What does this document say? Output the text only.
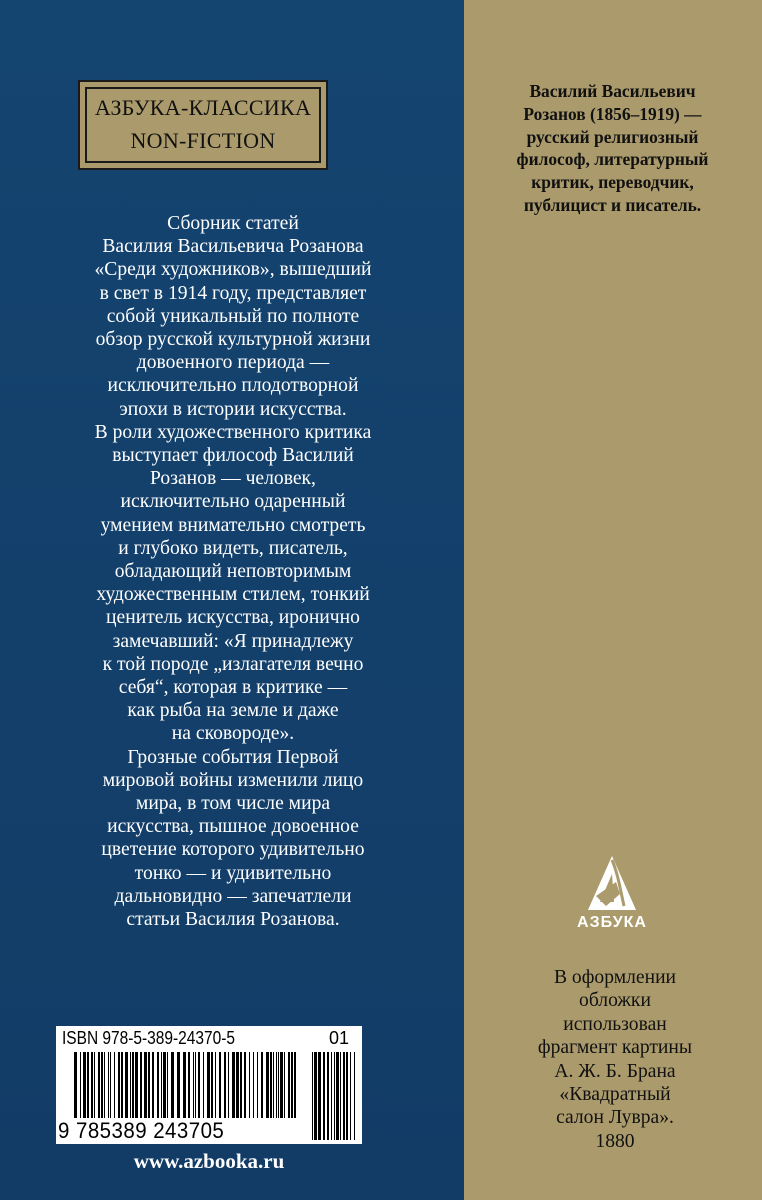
АЗБУКА-КЛАССИКА
NON-FICTION

Сборник статей
Василия Васильевича Розанова
«Среди художников», вышедший
в свет в 1914 году, представляет
собой уникальный по полноте
обзор русской культурной жизни
довоенного периода —
исключительно плодотворной
эпохи в истории искусства.
В роли художественного критика
выступает философ Василий
Розанов — человек,
исключительно одаренный
умением внимательно смотреть
и глубоко видеть, писатель,
обладающий неповторимым
художественным стилем, тонкий
ценитель искусства, иронично
замечавший: «Я принадлежу
к той породе „излагателя вечно
себя“, которая в критике —
как рыба на земле и даже
на сковороде».
Грозные события Первой
мировой войны изменили лицо
мира, в том числе мира
искусства, пышное довоенное
цветение которого удивительно
тонко — и удивительно
дальновидно — запечатлели
статьи Василия Розанова.

ISBN 978-5-389-24370-5	01
9 785389 243705
www.azbooka.ru

Василий Васильевич
Розанов (1856–1919) —
русский религиозный
философ, литературный
критик, переводчик,
публицист и писатель.

АЗБУКА

В оформлении
обложки
использован
фрагмент картины
А. Ж. Б. Брана
«Квадратный
салон Лувра».
1880
